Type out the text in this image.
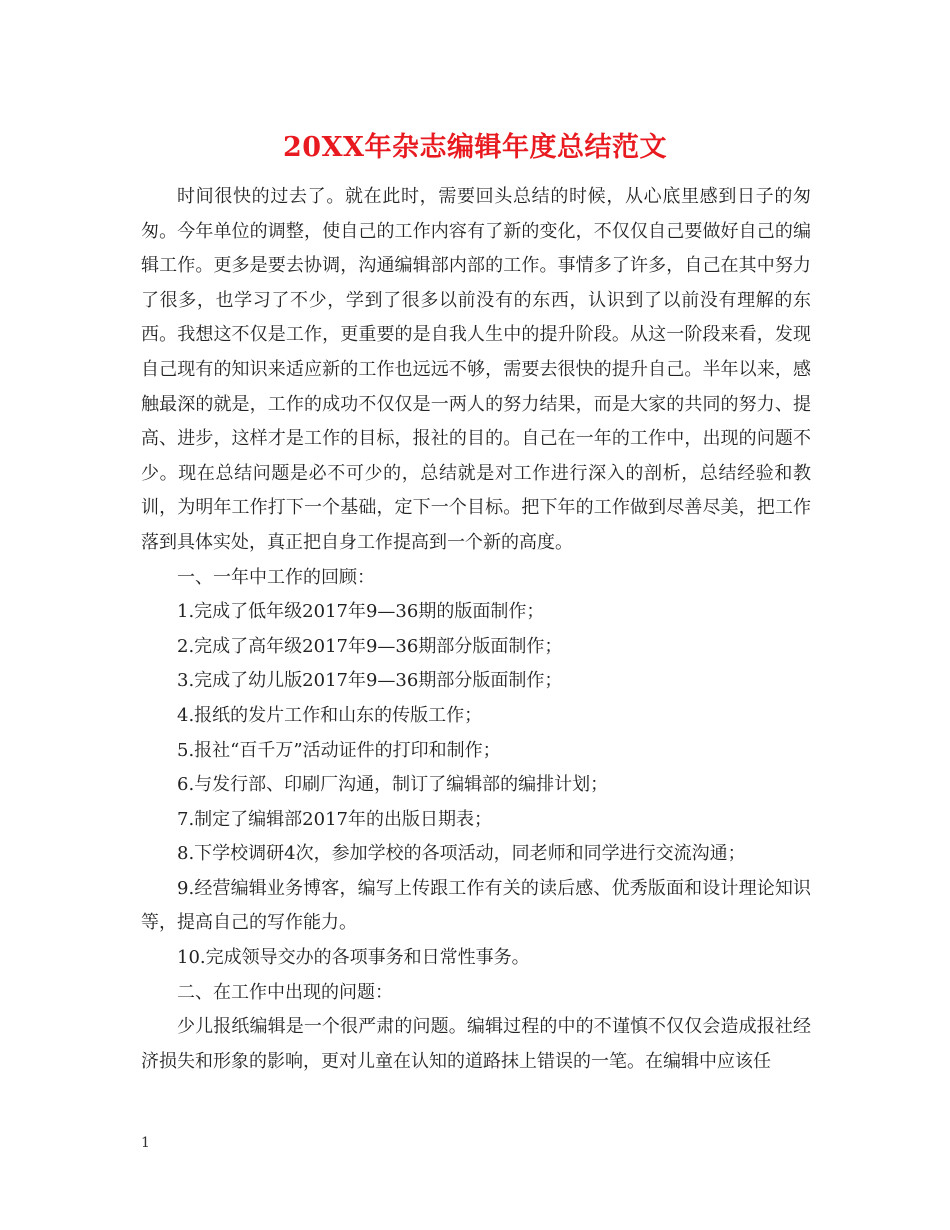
20XX年杂志编辑年度总结范文

时间很快的过去了。就在此时，需要回头总结的时候，从心底里感到日子的匆匆。今年单位的调整，使自己的工作内容有了新的变化，不仅仅自己要做好自己的编辑工作。更多是要去协调，沟通编辑部内部的工作。事情多了许多，自己在其中努力了很多，也学习了不少，学到了很多以前没有的东西，认识到了以前没有理解的东西。我想这不仅是工作，更重要的是自我人生中的提升阶段。从这一阶段来看，发现自己现有的知识来适应新的工作也远远不够，需要去很快的提升自己。半年以来，感触最深的就是，工作的成功不仅仅是一两人的努力结果，而是大家的共同的努力、提高、进步，这样才是工作的目标，报社的目的。自己在一年的工作中，出现的问题不少。现在总结问题是必不可少的，总结就是对工作进行深入的剖析，总结经验和教训，为明年工作打下一个基础，定下一个目标。把下年的工作做到尽善尽美，把工作落到具体实处，真正把自身工作提高到一个新的高度。

一、一年中工作的回顾：

1.完成了低年级2017年9—36期的版面制作；

2.完成了高年级2017年9—36期部分版面制作；

3.完成了幼儿版2017年9—36期部分版面制作；

4.报纸的发片工作和山东的传版工作；

5.报社“百千万”活动证件的打印和制作；

6.与发行部、印刷厂沟通，制订了编辑部的编排计划；

7.制定了编辑部2017年的出版日期表；

8.下学校调研4次，参加学校的各项活动，同老师和同学进行交流沟通；

9.经营编辑业务博客，编写上传跟工作有关的读后感、优秀版面和设计理论知识等，提高自己的写作能力。

10.完成领导交办的各项事务和日常性事务。

二、在工作中出现的问题：

少儿报纸编辑是一个很严肃的问题。编辑过程的中的不谨慎不仅仅会造成报社经济损失和形象的影响，更对儿童在认知的道路抹上错误的一笔。在编辑中应该任

1
